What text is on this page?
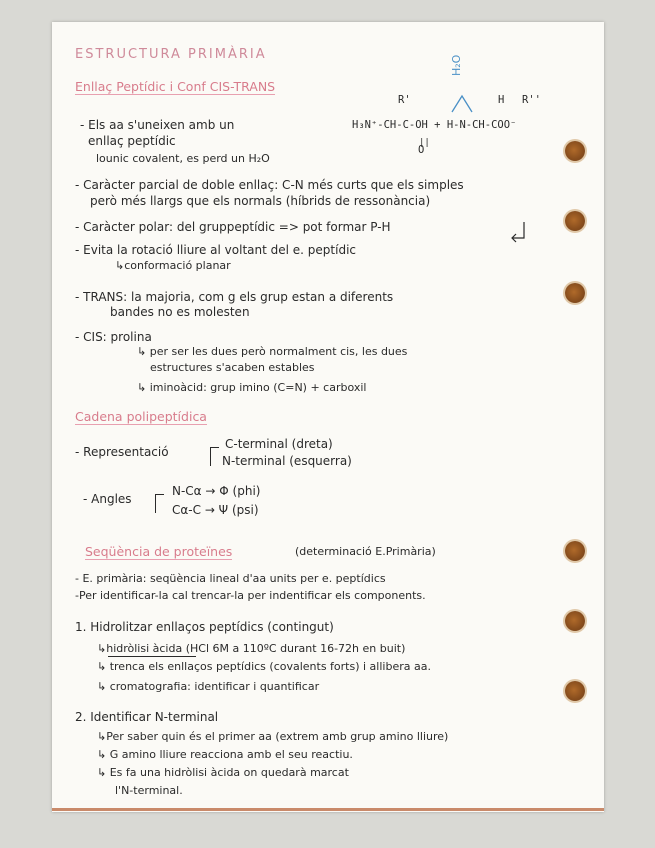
ESTRUCTURA PRIMÀRIA
Enllaç Peptídic i Conf CIS-TRANS
R'	H R''
H₂O
H₃N⁺-CH-C-OH + H-N-CH-COO⁻
||
O
- Els aa s'uneixen amb un
enllaç peptídic
lounic covalent, es perd un H₂O
- Caràcter parcial de doble enllaç: C-N més curts que els simples
però més llargs que els normals (híbrids de ressonància)
- Caràcter polar: del gruppeptídic => pot formar P-H
- Evita la rotació lliure al voltant del e. peptídic
↳conformació planar
- TRANS: la majoria, com g els grup estan a diferents
bandes no es molesten
- CIS: prolina
↳ per ser les dues però normalment cis, les dues
estructures s'acaben estables
↳ iminoàcid: grup imino (C=N) + carboxil
Cadena polipeptídica
- Representació
C-terminal (dreta)
N-terminal (esquerra)
- Angles
N-Cα → Φ (phi)
Cα-C → Ψ (psi)
Seqüència de proteïnes	(determinació E.Primària)
- E. primària: seqüència lineal d'aa units per e. peptídics
-Per identificar-la cal trencar-la per indentificar els components.
1. Hidrolitzar enllaços peptídics (contingut)
↳hidròlisi àcida (HCl 6M a 110ºC durant 16-72h en buit)
↳ trenca els enllaços peptídics (covalents forts) i allibera aa.
↳ cromatografia: identificar i quantificar
2. Identificar N-terminal
↳Per saber quin és el primer aa (extrem amb grup amino lliure)
↳ G amino lliure reacciona amb el seu reactiu.
↳ Es fa una hidròlisi àcida on quedarà marcat
l'N-terminal.
